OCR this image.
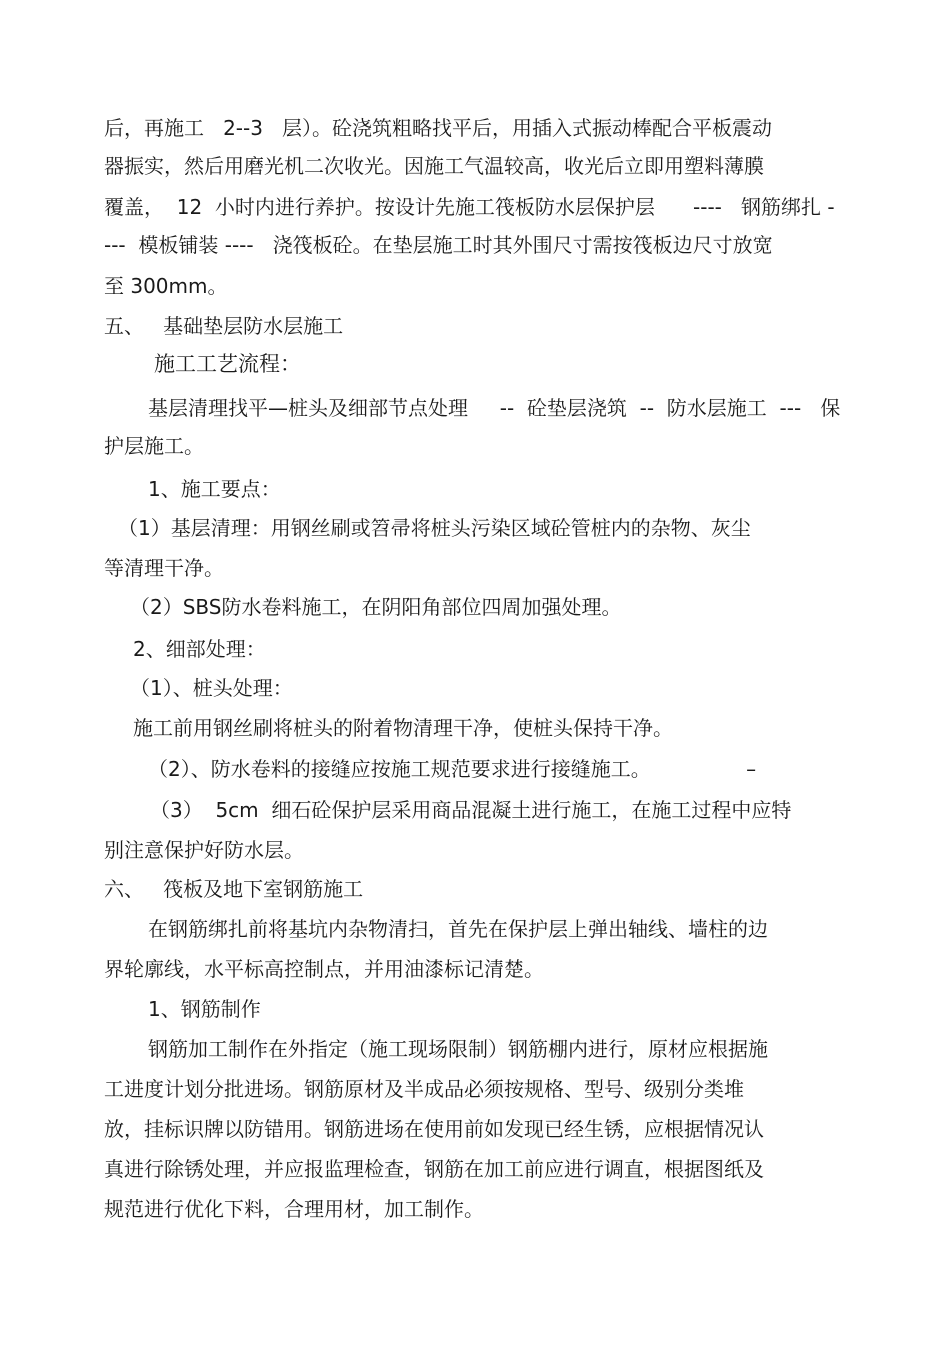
后，再施工   2--3   层）。砼浇筑粗略找平后，用插入式振动棒配合平板震动
器振实，然后用磨光机二次收光。因施工气温较高，收光后立即用塑料薄膜
覆盖，  12  小时内进行养护。按设计先施工筏板防水层保护层      ----   钢筋绑扎 -
---  模板铺装 ----   浇筏板砼。在垫层施工时其外围尺寸需按筏板边尺寸放宽
至 300mm。
五、   基础垫层防水层施工
施工工艺流程：
基层清理找平—桩头及细部节点处理     --  砼垫层浇筑  --  防水层施工  ---   保
护层施工。
1、施工要点：
（1）基层清理：用钢丝刷或笤帚将桩头污染区域砼管桩内的杂物、灰尘
等清理干净。
（2）SBS防水卷料施工，在阴阳角部位四周加强处理。
2、细部处理：
（1）、桩头处理：
施工前用钢丝刷将桩头的附着物清理干净，使桩头保持干净。
（2）、防水卷料的接缝应按施工规范要求进行接缝施工。               –
（3）  5cm  细石砼保护层采用商品混凝土进行施工，在施工过程中应特
别注意保护好防水层。
六、   筏板及地下室钢筋施工
在钢筋绑扎前将基坑内杂物清扫，首先在保护层上弹出轴线、墙柱的边
界轮廓线，水平标高控制点，并用油漆标记清楚。
1、钢筋制作
钢筋加工制作在外指定（施工现场限制）钢筋棚内进行，原材应根据施
工进度计划分批进场。钢筋原材及半成品必须按规格、型号、级别分类堆
放，挂标识牌以防错用。钢筋进场在使用前如发现已经生锈，应根据情况认
真进行除锈处理，并应报监理检查，钢筋在加工前应进行调直，根据图纸及
规范进行优化下料，合理用材，加工制作。
